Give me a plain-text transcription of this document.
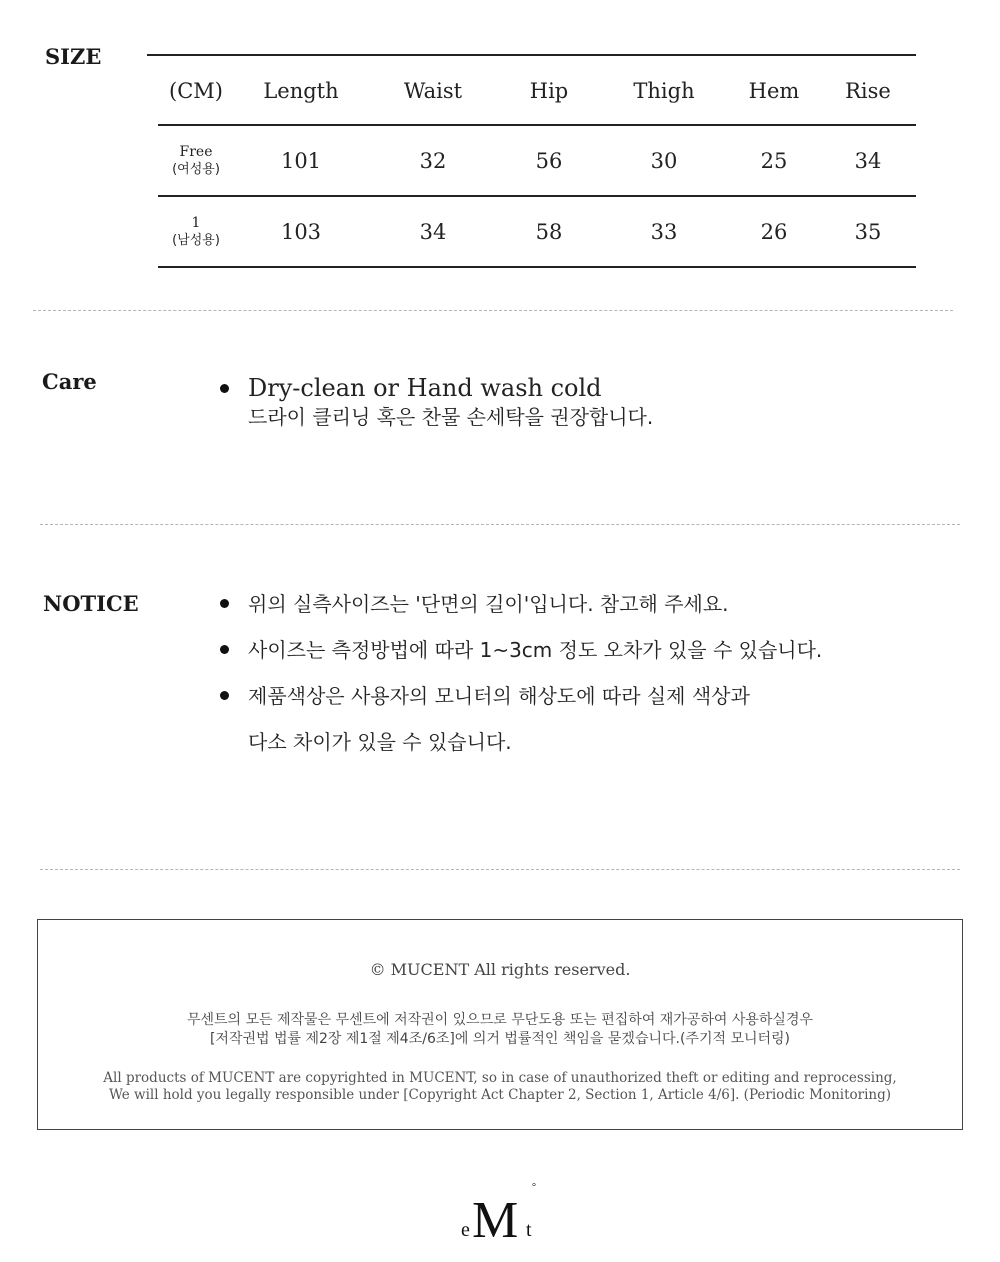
SIZE
(CM)	Length	Waist	Hip	Thigh	Hem	Rise

Free
(여성용)	101	32	56	30	25	34

1
(남성용)	103	34	58	33	26	35
Care	Dry-clean or Hand wash cold
드라이 클리닝 혹은 찬물 손세탁을 권장합니다.
NOTICE	위의 실측사이즈는 '단면의 길이'입니다. 참고해 주세요.
사이즈는 측정방법에 따라 1~3cm 정도 오차가 있을 수 있습니다.
제품색상은 사용자의 모니터의 해상도에 따라 실제 색상과
다소 차이가 있을 수 있습니다.
© MUCENT All rights reserved.
무센트의 모든 제작물은 무센트에 저작권이 있으므로 무단도용 또는 편집하여 재가공하여 사용하실경우
[저작권법 법률 제2장 제1절 제4조/6조]에 의거 법률적인 책임을 묻겠습니다.(주기적 모니터링)
All products of MUCENT are copyrighted in MUCENT, so in case of unauthorized theft or editing and reprocessing,
We will hold you legally responsible under [Copyright Act Chapter 2, Section 1, Article 4/6]. (Periodic Monitoring)
e M t
°
